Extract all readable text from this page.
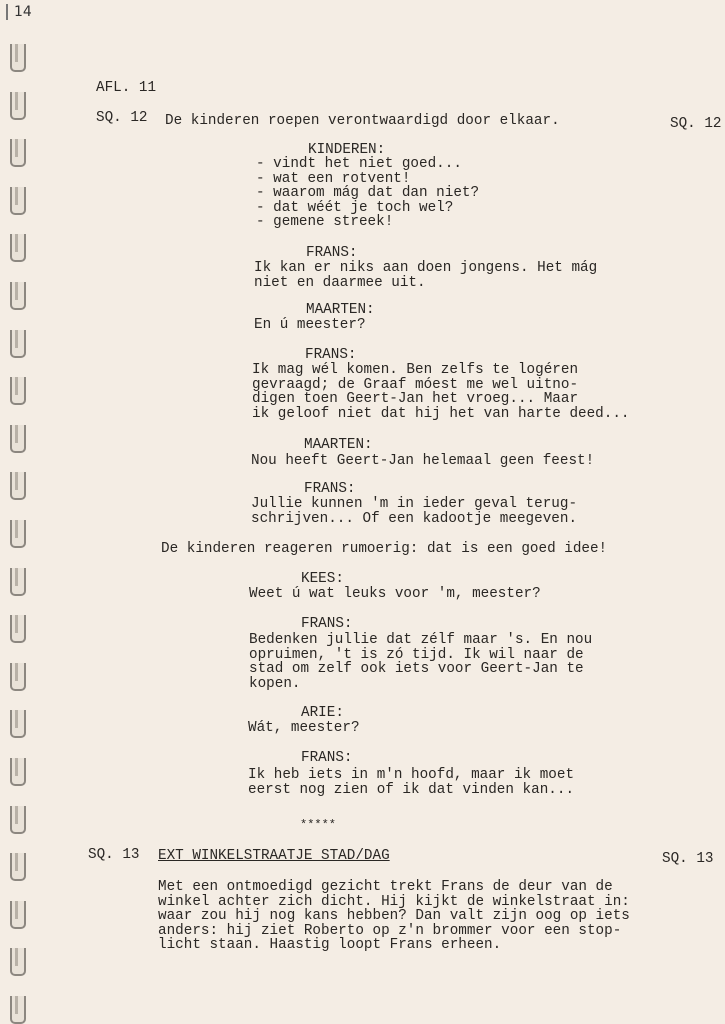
14
AFL. 11
SQ. 12 De kinderen roepen verontwaardigd door elkaar.	SQ. 12
KINDEREN:
- vindt het niet goed...
- wat een rotvent!
- waarom mág dat dan niet?
- dat wéét je toch wel?
- gemene streek!
FRANS:
Ik kan er niks aan doen jongens. Het mág
niet en daarmee uit.
MAARTEN:
En ú meester?
FRANS:
Ik mag wél komen. Ben zelfs te logéren
gevraagd; de Graaf móest me wel uitno-
digen toen Geert-Jan het vroeg... Maar
ik geloof niet dat hij het van harte deed...
MAARTEN:
Nou heeft Geert-Jan helemaal geen feest!
FRANS:
Jullie kunnen 'm in ieder geval terug-
schrijven... Of een kadootje meegeven.
De kinderen reageren rumoerig: dat is een goed idee!
KEES:
Weet ú wat leuks voor 'm, meester?
FRANS:
Bedenken jullie dat zélf maar 's. En nou
opruimen, 't is zó tijd. Ik wil naar de
stad om zelf ook iets voor Geert-Jan te
kopen.
ARIE:
Wát, meester?
FRANS:
Ik heb iets in m'n hoofd, maar ik moet
eerst nog zien of ik dat vinden kan...
*****
SQ. 13 EXT WINKELSTRAATJE STAD/DAG	SQ. 13
Met een ontmoedigd gezicht trekt Frans de deur van de
winkel achter zich dicht. Hij kijkt de winkelstraat in:
waar zou hij nog kans hebben? Dan valt zijn oog op iets
anders: hij ziet Roberto op z'n brommer voor een stop-
licht staan. Haastig loopt Frans erheen.
